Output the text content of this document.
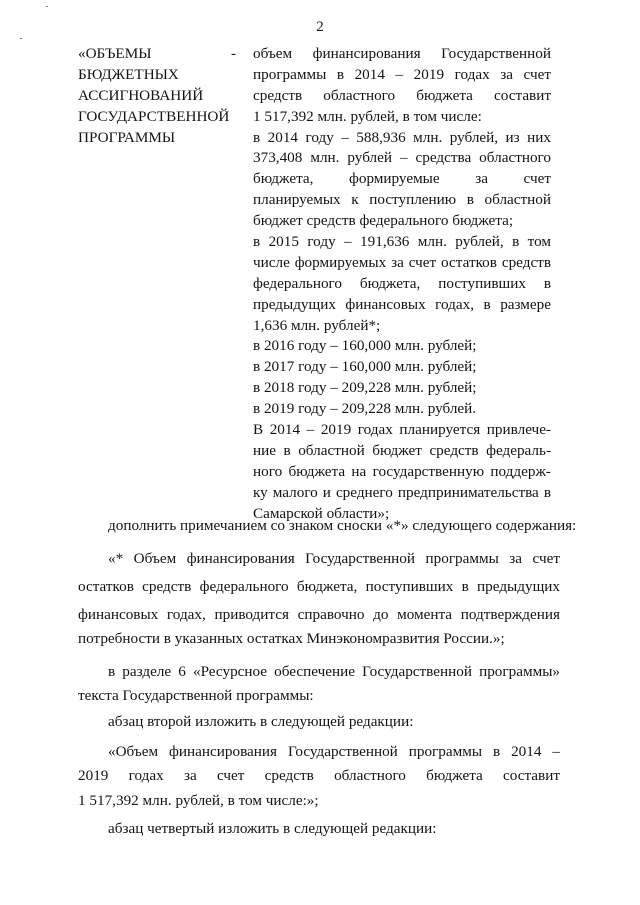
2
«ОБЪЕМЫ
БЮДЖЕТНЫХ
АССИГНОВАНИЙ
ГОСУДАРСТВЕННОЙ
ПРОГРАММЫ
- объем финансирования Государственной
программы в 2014 – 2019 годах за счет
средств областного бюджета составит
1 517,392 млн. рублей, в том числе:
в 2014 году – 588,936 млн. рублей, из них
373,408 млн. рублей – средства областного
бюджета, формируемые за счет
планируемых к поступлению в областной
бюджет средств федерального бюджета;
в 2015 году – 191,636 млн. рублей, в том
числе формируемых за счет остатков средств
федерального бюджета, поступивших в
предыдущих финансовых годах, в размере
1,636 млн. рублей*;
в 2016 году – 160,000 млн. рублей;
в 2017 году – 160,000 млн. рублей;
в 2018 году – 209,228 млн. рублей;
в 2019 году – 209,228 млн. рублей.
В 2014 – 2019 годах планируется привлече-
ние в областной бюджет средств федераль-
ного бюджета на государственную поддерж-
ку малого и среднего предпринимательства в
Самарской области»;
дополнить примечанием со знаком сноски «*» следующего содержания:
«* Объем финансирования Государственной программы за счет
остатков средств федерального бюджета, поступивших в предыдущих
финансовых годах, приводится справочно до момента подтверждения
потребности в указанных остатках Минэкономразвития России.»;
в разделе 6 «Ресурсное обеспечение Государственной программы»
текста Государственной программы:
абзац второй изложить в следующей редакции:
«Объем финансирования Государственной программы в 2014 –
2019 годах за счет средств областного бюджета составит
1 517,392 млн. рублей, в том числе:»;
абзац четвертый изложить в следующей редакции:
